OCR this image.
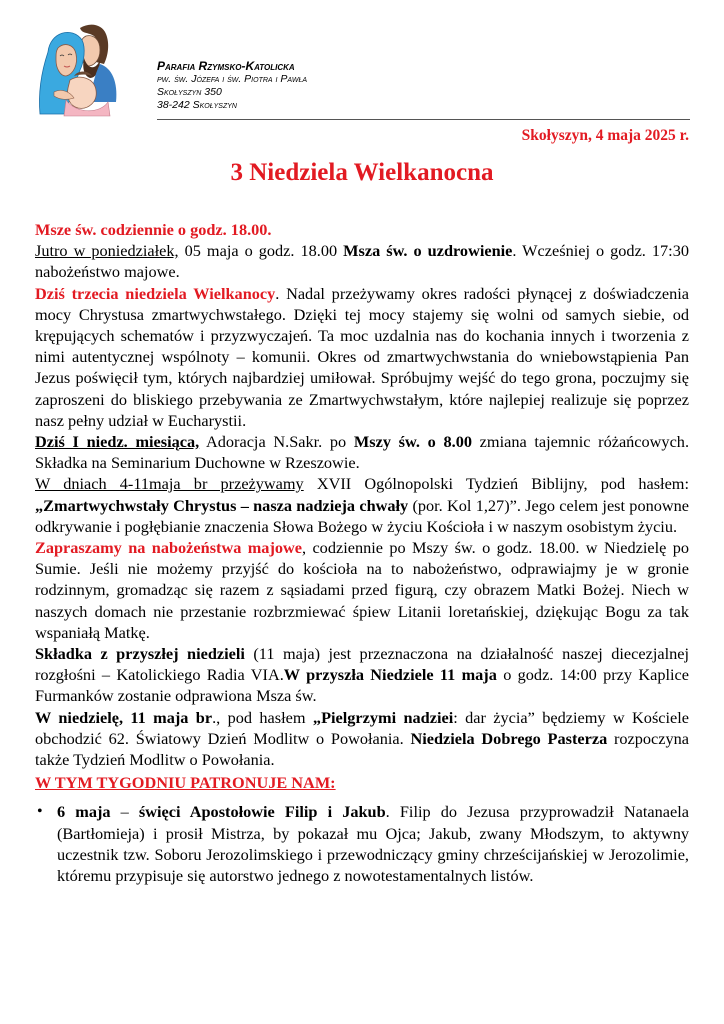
Parafia Rzymsko-Katolicka
pw. św. Józefa i św. Piotra i Pawła
Skołyszyn 350
38-242 Skołyszyn
Skołyszyn, 4 maja 2025 r.
3 Niedziela Wielkanocna

Msze św. codziennie o godz. 18.00.

Jutro w poniedziałek, 05 maja o godz. 18.00 Msza św. o uzdrowienie. Wcześniej o godz. 17:30 nabożeństwo majowe.

Dziś trzecia niedziela Wielkanocy. Nadal przeżywamy okres radości płynącej z doświadczenia mocy Chrystusa zmartwychwstałego. Dzięki tej mocy stajemy się wolni od samych siebie, od krępujących schematów i przyzwyczajeń. Ta moc uzdalnia nas do kochania innych i tworzenia z nimi autentycznej wspólnoty – komunii. Okres od zmartwychwstania do wniebowstąpienia Pan Jezus poświęcił tym, których najbardziej umiłował. Spróbujmy wejść do tego grona, poczujmy się zaproszeni do bliskiego przebywania ze Zmartwychwstałym, które najlepiej realizuje się poprzez nasz pełny udział w Eucharystii.

Dziś I niedz. miesiąca, Adoracja N.Sakr. po Mszy św. o 8.00 zmiana tajemnic różańcowych. Składka na Seminarium Duchowne w Rzeszowie.

W dniach 4-11maja br przeżywamy XVII Ogólnopolski Tydzień Biblijny, pod hasłem: „Zmartwychwstały Chrystus – nasza nadzieja chwały (por. Kol 1,27)”. Jego celem jest ponowne odkrywanie i pogłębianie znaczenia Słowa Bożego w życiu Kościoła i w naszym osobistym życiu.

Zapraszamy na nabożeństwa majowe, codziennie po Mszy św. o godz. 18.00. w Niedzielę po Sumie. Jeśli nie możemy przyjść do kościoła na to nabożeństwo, odprawiajmy je w gronie rodzinnym, gromadząc się razem z sąsiadami przed figurą, czy obrazem Matki Bożej. Niech w naszych domach nie przestanie rozbrzmiewać śpiew Litanii loretańskiej, dziękując Bogu za tak wspaniałą Matkę.

Składka z przyszłej niedzieli (11 maja) jest przeznaczona na działalność naszej diecezjalnej rozgłośni – Katolickiego Radia VIA.W przyszła Niedziele 11 maja o godz. 14:00 przy Kaplice Furmanków zostanie odprawiona Msza św.

W niedzielę, 11 maja br., pod hasłem „Pielgrzymi nadziei: dar życia” będziemy w Kościele obchodzić 62. Światowy Dzień Modlitw o Powołania. Niedziela Dobrego Pasterza rozpoczyna także Tydzień Modlitw o Powołania.

W TYM TYGODNIU PATRONUJE NAM:

• 6 maja – święci Apostołowie Filip i Jakub. Filip do Jezusa przyprowadził Natanaela (Bartłomieja) i prosił Mistrza, by pokazał mu Ojca; Jakub, zwany Młodszym, to aktywny uczestnik tzw. Soboru Jerozolimskiego i przewodniczący gminy chrześcijańskiej w Jerozolimie, któremu przypisuje się autorstwo jednego z nowotestamentalnych listów.
